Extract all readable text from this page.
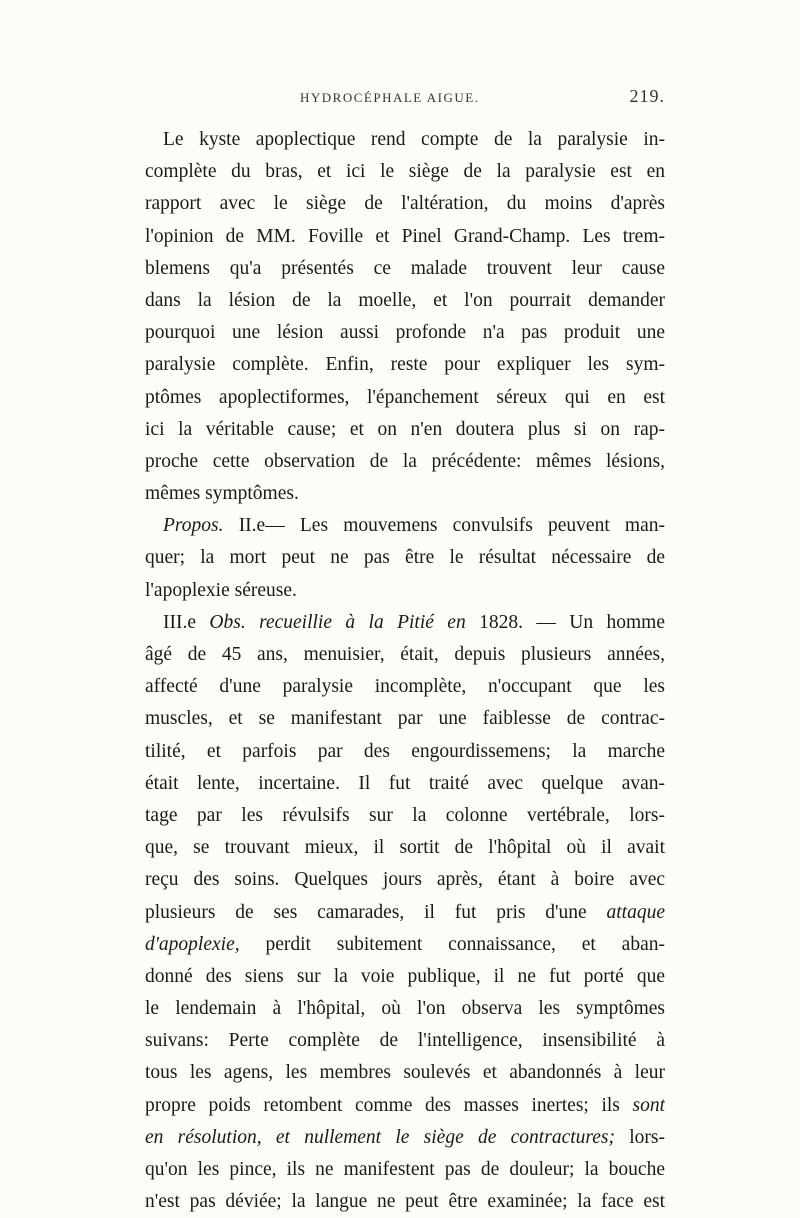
HYDROCÉPHALE AIGUE.	219.
Le kyste apoplectique rend compte de la paralysie in-
complète du bras, et ici le siège de la paralysie est en
rapport avec le siège de l'altération, du moins d'après
l'opinion de MM. Foville et Pinel Grand-Champ. Les trem-
blemens qu'a présentés ce malade trouvent leur cause
dans la lésion de la moelle, et l'on pourrait demander
pourquoi une lésion aussi profonde n'a pas produit une
paralysie complète. Enfin, reste pour expliquer les sym-
ptômes apoplectiformes, l'épanchement séreux qui en est
ici la véritable cause; et on n'en doutera plus si on rap-
proche cette observation de la précédente: mêmes lésions,
mêmes symptômes.
Propos. II.e— Les mouvemens convulsifs peuvent man-
quer; la mort peut ne pas être le résultat nécessaire de
l'apoplexie séreuse.
III.e Obs. recueillie à la Pitié en 1828. — Un homme
âgé de 45 ans, menuisier, était, depuis plusieurs années,
affecté d'une paralysie incomplète, n'occupant que les
muscles, et se manifestant par une faiblesse de contrac-
tilité, et parfois par des engourdissemens; la marche
était lente, incertaine. Il fut traité avec quelque avan-
tage par les révulsifs sur la colonne vertébrale, lors-
que, se trouvant mieux, il sortit de l'hôpital où il avait
reçu des soins. Quelques jours après, étant à boire avec
plusieurs de ses camarades, il fut pris d'une attaque
d'apoplexie, perdit subitement connaissance, et aban-
donné des siens sur la voie publique, il ne fut porté que
le lendemain à l'hôpital, où l'on observa les symptômes
suivans: Perte complète de l'intelligence, insensibilité à
tous les agens, les membres soulevés et abandonnés à leur
propre poids retombent comme des masses inertes; ils sont
en résolution, et nullement le siège de contractures; lors-
qu'on les pince, ils ne manifestent pas de douleur; la bouche
n'est pas déviée; la langue ne peut être examinée; la face est
